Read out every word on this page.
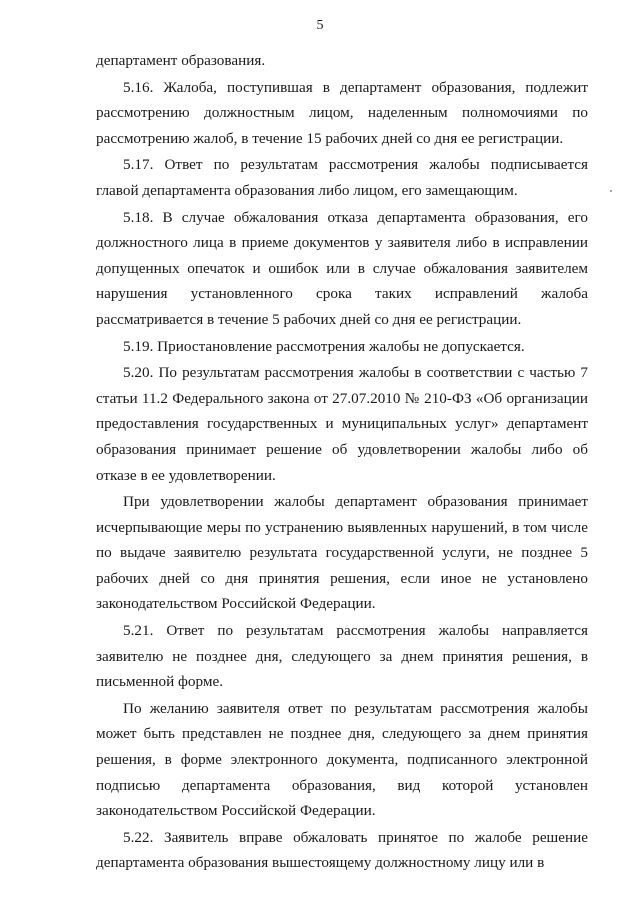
5

департамент образования.

5.16. Жалоба, поступившая в департамент образования, подлежит рассмотрению должностным лицом, наделенным полномочиями по рассмотрению жалоб, в течение 15 рабочих дней со дня ее регистрации.

5.17. Ответ по результатам рассмотрения жалобы подписывается главой департамента образования либо лицом, его замещающим.

5.18. В случае обжалования отказа департамента образования, его должностного лица в приеме документов у заявителя либо в исправлении допущенных опечаток и ошибок или в случае обжалования заявителем нарушения установленного срока таких исправлений жалоба рассматривается в течение 5 рабочих дней со дня ее регистрации.

5.19. Приостановление рассмотрения жалобы не допускается.

5.20. По результатам рассмотрения жалобы в соответствии с частью 7 статьи 11.2 Федерального закона от 27.07.2010 № 210-ФЗ «Об организации предоставления государственных и муниципальных услуг» департамент образования принимает решение об удовлетворении жалобы либо об отказе в ее удовлетворении.

При удовлетворении жалобы департамент образования принимает исчерпывающие меры по устранению выявленных нарушений, в том числе по выдаче заявителю результата государственной услуги, не позднее 5 рабочих дней со дня принятия решения, если иное не установлено законодательством Российской Федерации.

5.21. Ответ по результатам рассмотрения жалобы направляется заявителю не позднее дня, следующего за днем принятия решения, в письменной форме.

По желанию заявителя ответ по результатам рассмотрения жалобы может быть представлен не позднее дня, следующего за днем принятия решения, в форме электронного документа, подписанного электронной подписью департамента образования, вид которой установлен законодательством Российской Федерации.

5.22. Заявитель вправе обжаловать принятое по жалобе решение департамента образования вышестоящему должностному лицу или в
